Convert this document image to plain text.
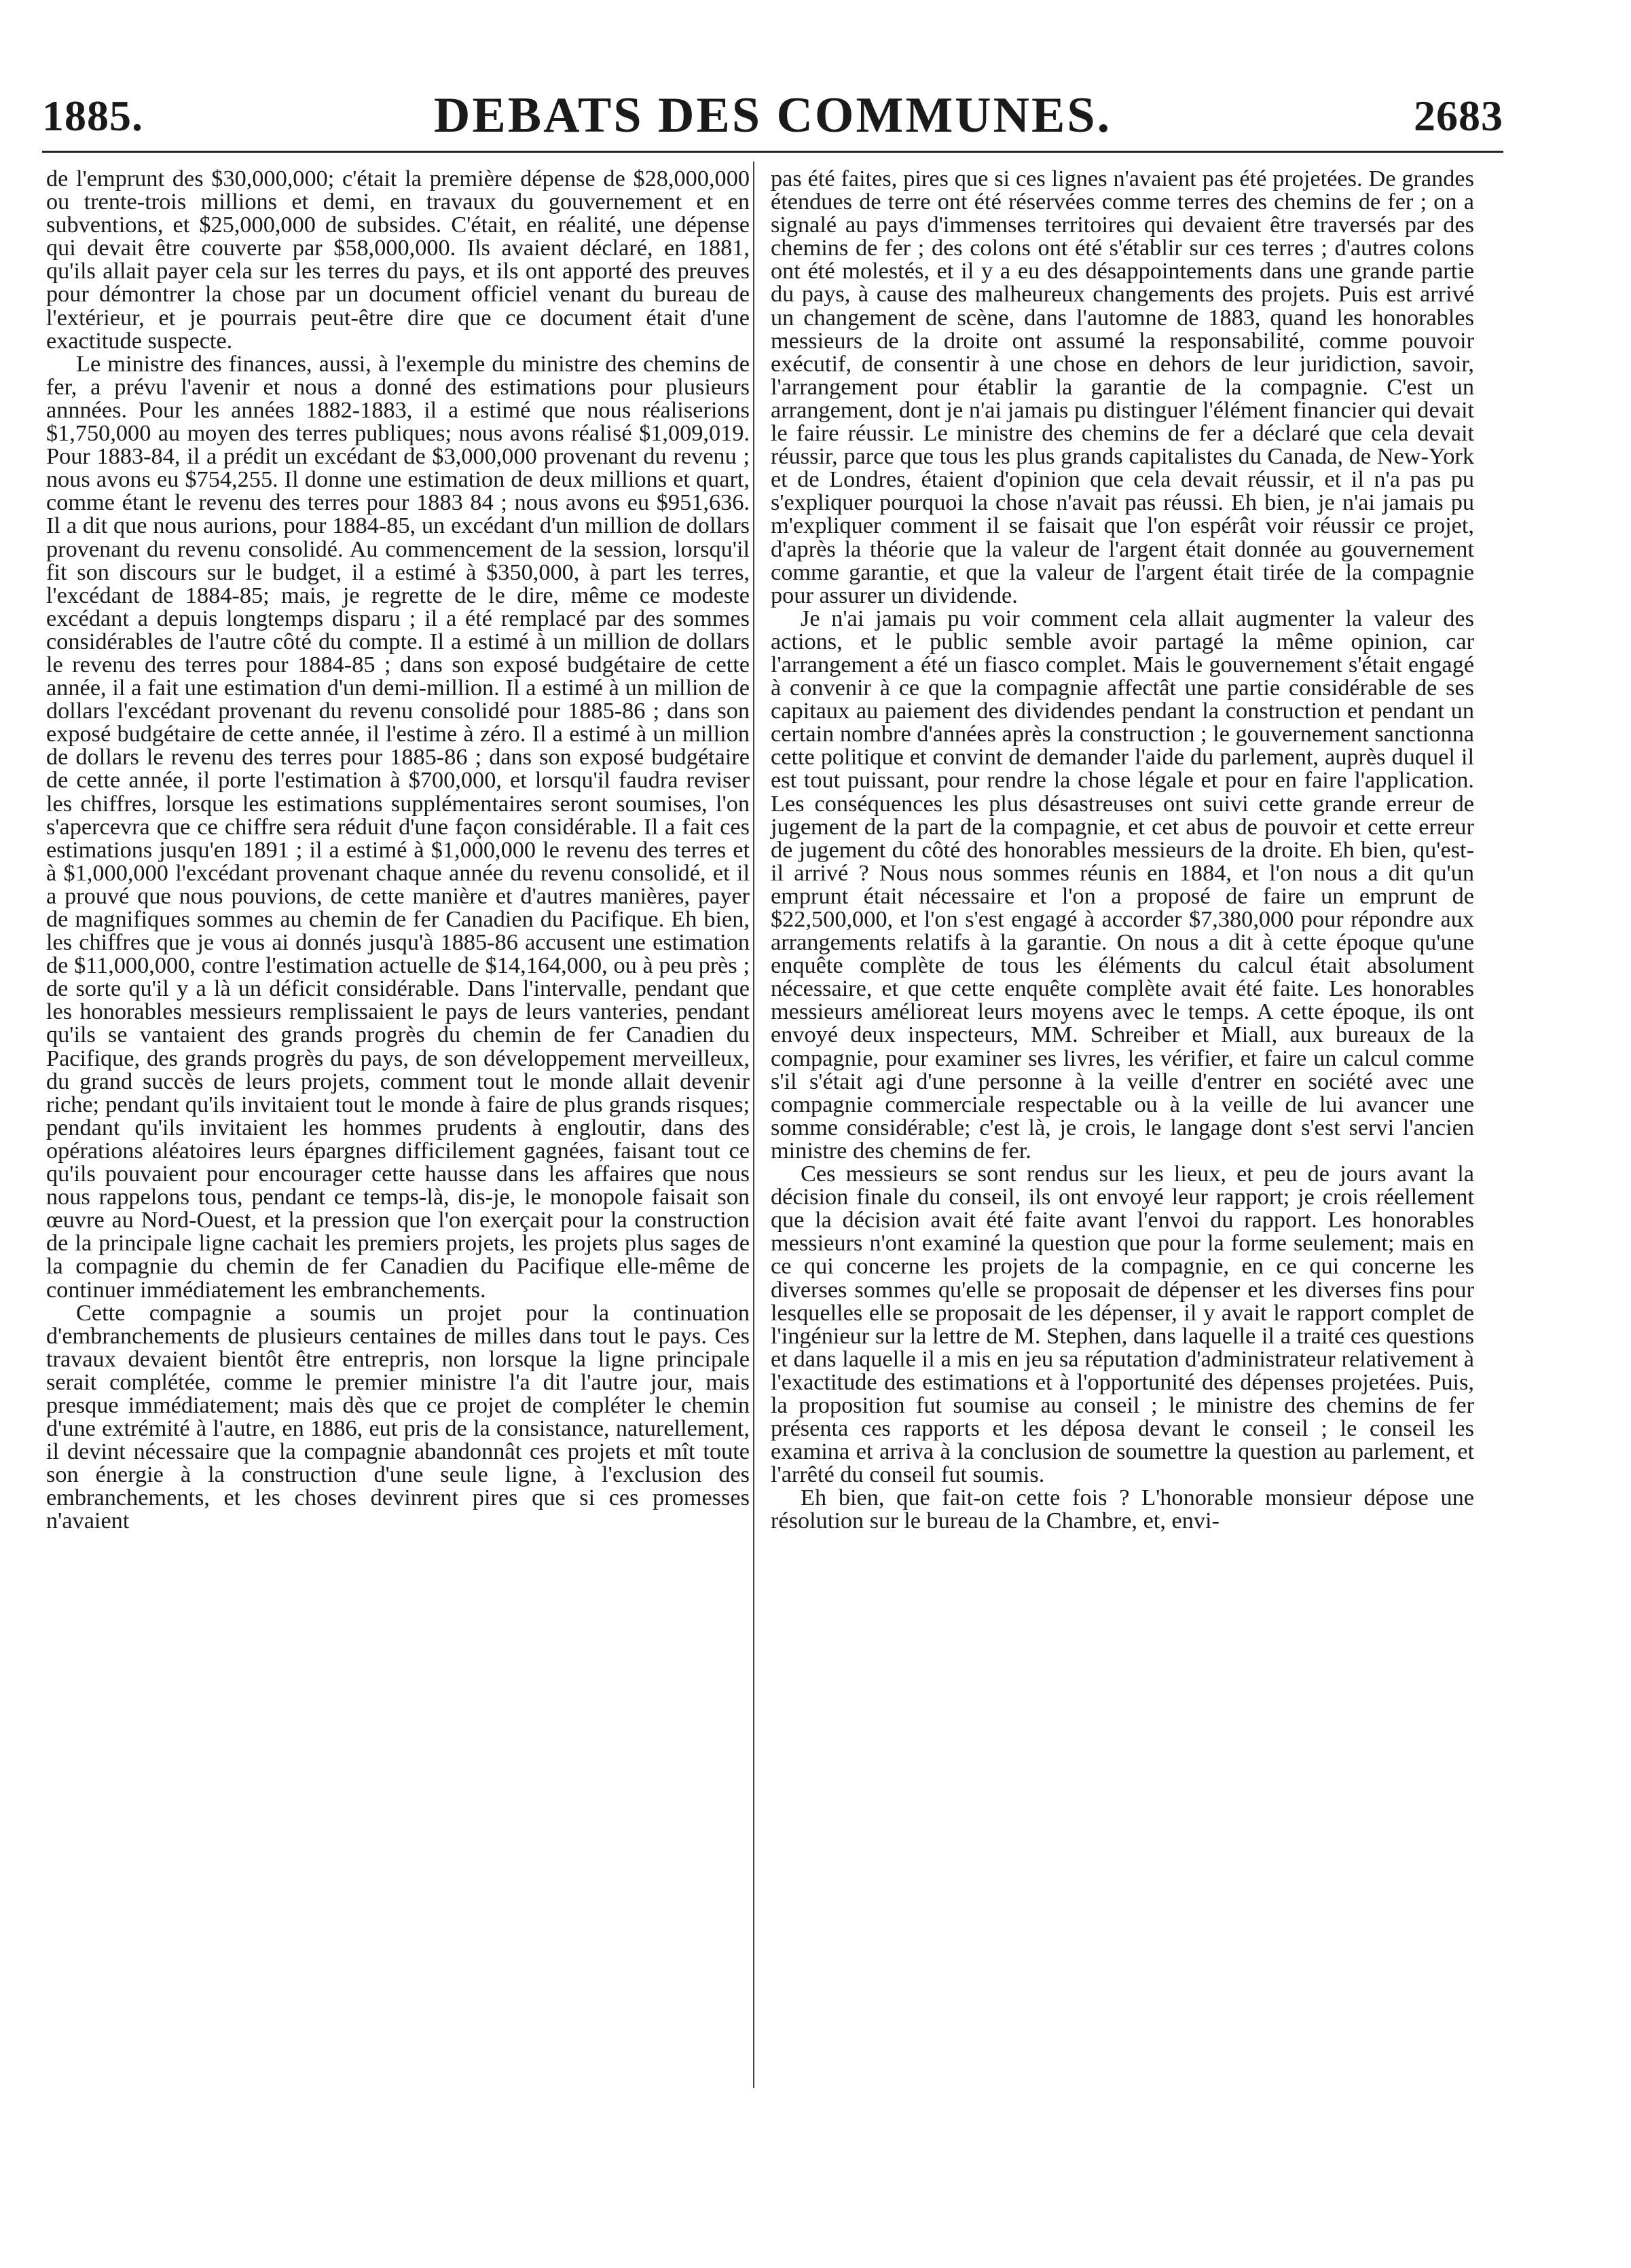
1885.	DEBATS DES COMMUNES.	2683

de l'emprunt des $30,000,000; c'était la première dépense de $28,000,000 ou trente-trois millions et demi, en travaux du gouvernement et en subventions, et $25,000,000 de subsides. C'était, en réalité, une dépense qui devait être couverte par $58,000,000. Ils avaient déclaré, en 1881, qu'ils allait payer cela sur les terres du pays, et ils ont apporté des preuves pour démontrer la chose par un document officiel venant du bureau de l'extérieur, et je pourrais peut-être dire que ce document était d'une exactitude suspecte.

Le ministre des finances, aussi, à l'exemple du ministre des chemins de fer, a prévu l'avenir et nous a donné des estimations pour plusieurs annnées. Pour les années 1882-1883, il a estimé que nous réaliserions $1,750,000 au moyen des terres publiques; nous avons réalisé $1,009,019. Pour 1883-84, il a prédit un excédant de $3,000,000 provenant du revenu ; nous avons eu $754,255. Il donne une estimation de deux millions et quart, comme étant le revenu des terres pour 1883 84 ; nous avons eu $951,636. Il a dit que nous aurions, pour 1884-85, un excédant d'un million de dollars provenant du revenu consolidé. Au commencement de la session, lorsqu'il fit son discours sur le budget, il a estimé à $350,000, à part les terres, l'excédant de 1884-85; mais, je regrette de le dire, même ce modeste excédant a depuis longtemps disparu ; il a été remplacé par des sommes considérables de l'autre côté du compte. Il a estimé à un million de dollars le revenu des terres pour 1884-85 ; dans son exposé budgétaire de cette année, il a fait une estimation d'un demi-million. Il a estimé à un million de dollars l'excédant provenant du revenu consolidé pour 1885-86 ; dans son exposé budgétaire de cette année, il l'estime à zéro. Il a estimé à un million de dollars le revenu des terres pour 1885-86 ; dans son exposé budgétaire de cette année, il porte l'estimation à $700,000, et lorsqu'il faudra reviser les chiffres, lorsque les estimations supplémentaires seront soumises, l'on s'apercevra que ce chiffre sera réduit d'une façon considérable. Il a fait ces estimations jusqu'en 1891 ; il a estimé à $1,000,000 le revenu des terres et à $1,000,000 l'excédant provenant chaque année du revenu consolidé, et il a prouvé que nous pouvions, de cette manière et d'autres manières, payer de magnifiques sommes au chemin de fer Canadien du Pacifique. Eh bien, les chiffres que je vous ai donnés jusqu'à 1885-86 accusent une estimation de $11,000,000, contre l'estimation actuelle de $14,164,000, ou à peu près ; de sorte qu'il y a là un déficit considérable. Dans l'intervalle, pendant que les honorables messieurs remplissaient le pays de leurs vanteries, pendant qu'ils se vantaient des grands progrès du chemin de fer Canadien du Pacifique, des grands progrès du pays, de son développement merveilleux, du grand succès de leurs projets, comment tout le monde allait devenir riche; pendant qu'ils invitaient tout le monde à faire de plus grands risques; pendant qu'ils invitaient les hommes prudents à engloutir, dans des opérations aléatoires leurs épargnes difficilement gagnées, faisant tout ce qu'ils pouvaient pour encourager cette hausse dans les affaires que nous nous rappelons tous, pendant ce temps-là, dis-je, le monopole faisait son œuvre au Nord-Ouest, et la pression que l'on exerçait pour la construction de la principale ligne cachait les premiers projets, les projets plus sages de la compagnie du chemin de fer Canadien du Pacifique elle-même de continuer immédiatement les embranchements.

Cette compagnie a soumis un projet pour la continuation d'embranchements de plusieurs centaines de milles dans tout le pays. Ces travaux devaient bientôt être entrepris, non lorsque la ligne principale serait complétée, comme le premier ministre l'a dit l'autre jour, mais presque immédiatement; mais dès que ce projet de compléter le chemin d'une extrémité à l'autre, en 1886, eut pris de la consistance, naturellement, il devint nécessaire que la compagnie abandonnât ces projets et mît toute son énergie à la construction d'une seule ligne, à l'exclusion des embranchements, et les choses devinrent pires que si ces promesses n'avaient

pas été faites, pires que si ces lignes n'avaient pas été projetées. De grandes étendues de terre ont été réservées comme terres des chemins de fer ; on a signalé au pays d'immenses territoires qui devaient être traversés par des chemins de fer ; des colons ont été s'établir sur ces terres ; d'autres colons ont été molestés, et il y a eu des désappointements dans une grande partie du pays, à cause des malheureux changements des projets. Puis est arrivé un changement de scène, dans l'automne de 1883, quand les honorables messieurs de la droite ont assumé la responsabilité, comme pouvoir exécutif, de consentir à une chose en dehors de leur juridiction, savoir, l'arrangement pour établir la garantie de la compagnie. C'est un arrangement, dont je n'ai jamais pu distinguer l'élément financier qui devait le faire réussir. Le ministre des chemins de fer a déclaré que cela devait réussir, parce que tous les plus grands capitalistes du Canada, de New-York et de Londres, étaient d'opinion que cela devait réussir, et il n'a pas pu s'expliquer pourquoi la chose n'avait pas réussi. Eh bien, je n'ai jamais pu m'expliquer comment il se faisait que l'on espérât voir réussir ce projet, d'après la théorie que la valeur de l'argent était donnée au gouvernement comme garantie, et que la valeur de l'argent était tirée de la compagnie pour assurer un dividende.

Je n'ai jamais pu voir comment cela allait augmenter la valeur des actions, et le public semble avoir partagé la même opinion, car l'arrangement a été un fiasco complet. Mais le gouvernement s'était engagé à convenir à ce que la compagnie affectât une partie considérable de ses capitaux au paiement des dividendes pendant la construction et pendant un certain nombre d'années après la construction ; le gouvernement sanctionna cette politique et convint de demander l'aide du parlement, auprès duquel il est tout puissant, pour rendre la chose légale et pour en faire l'application. Les conséquences les plus désastreuses ont suivi cette grande erreur de jugement de la part de la compagnie, et cet abus de pouvoir et cette erreur de jugement du côté des honorables messieurs de la droite. Eh bien, qu'est-il arrivé ? Nous nous sommes réunis en 1884, et l'on nous a dit qu'un emprunt était nécessaire et l'on a proposé de faire un emprunt de $22,500,000, et l'on s'est engagé à accorder $7,380,000 pour répondre aux arrangements relatifs à la garantie. On nous a dit à cette époque qu'une enquête complète de tous les éléments du calcul était absolument nécessaire, et que cette enquête complète avait été faite. Les honorables messieurs amélioreat leurs moyens avec le temps. A cette époque, ils ont envoyé deux inspecteurs, MM. Schreiber et Miall, aux bureaux de la compagnie, pour examiner ses livres, les vérifier, et faire un calcul comme s'il s'était agi d'une personne à la veille d'entrer en société avec une compagnie commerciale respectable ou à la veille de lui avancer une somme considérable; c'est là, je crois, le langage dont s'est servi l'ancien ministre des chemins de fer.

Ces messieurs se sont rendus sur les lieux, et peu de jours avant la décision finale du conseil, ils ont envoyé leur rapport; je crois réellement que la décision avait été faite avant l'envoi du rapport. Les honorables messieurs n'ont examiné la question que pour la forme seulement; mais en ce qui concerne les projets de la compagnie, en ce qui concerne les diverses sommes qu'elle se proposait de dépenser et les diverses fins pour lesquelles elle se proposait de les dépenser, il y avait le rapport complet de l'ingénieur sur la lettre de M. Stephen, dans laquelle il a traité ces questions et dans laquelle il a mis en jeu sa réputation d'administrateur relativement à l'exactitude des estimations et à l'opportunité des dépenses projetées. Puis, la proposition fut soumise au conseil ; le ministre des chemins de fer présenta ces rapports et les déposa devant le conseil ; le conseil les examina et arriva à la conclusion de soumettre la question au parlement, et l'arrêté du conseil fut soumis.

Eh bien, que fait-on cette fois ? L'honorable monsieur dépose une résolution sur le bureau de la Chambre, et, envi-
